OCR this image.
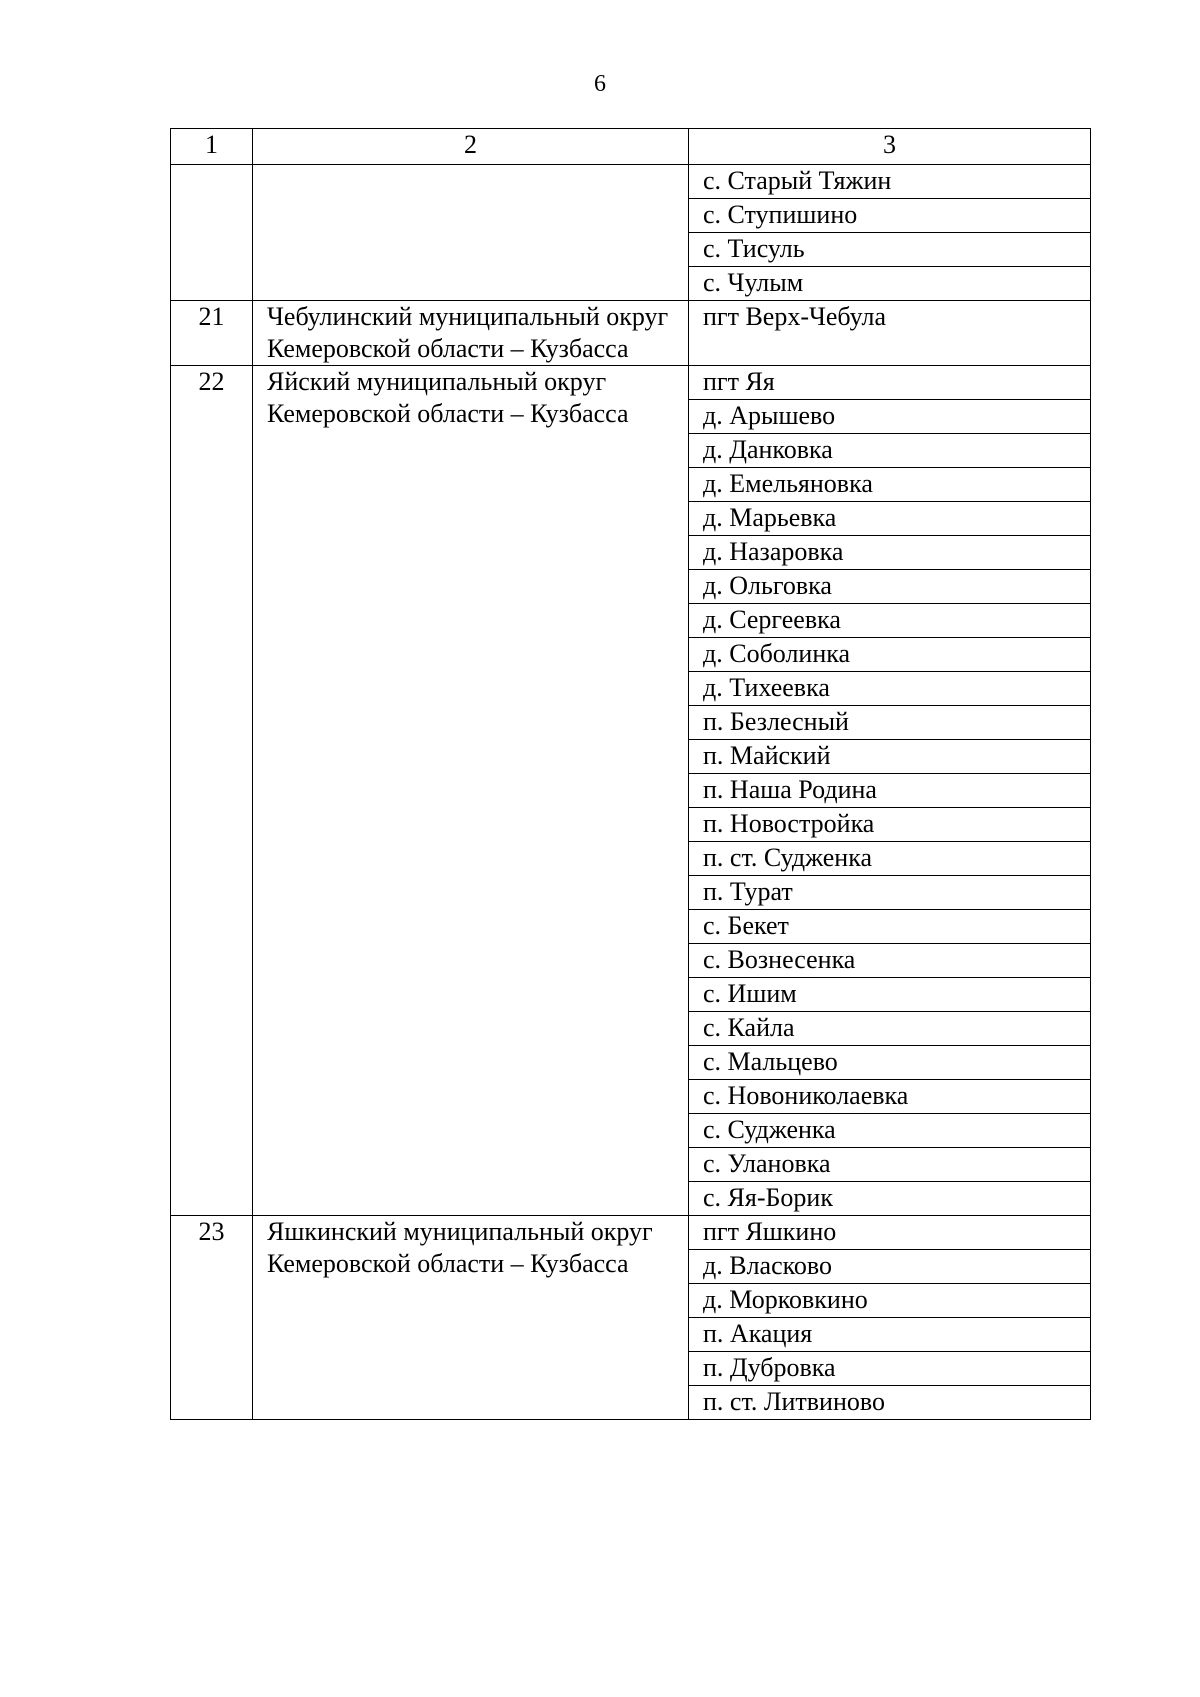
6
1	2	3
		с. Старый Тяжин
		с. Ступишино
		с. Тисуль
		с. Чулым
21	Чебулинский муниципальный округ Кемеровской области – Кузбасса	пгт Верх-Чебула
22	Яйский муниципальный округ Кемеровской области – Кузбасса	пгт Яя
		д. Арышево
		д. Данковка
		д. Емельяновка
		д. Марьевка
		д. Назаровка
		д. Ольговка
		д. Сергеевка
		д. Соболинка
		д. Тихеевка
		п. Безлесный
		п. Майский
		п. Наша Родина
		п. Новостройка
		п. ст. Судженка
		п. Турат
		с. Бекет
		с. Вознесенка
		с. Ишим
		с. Кайла
		с. Мальцево
		с. Новониколаевка
		с. Судженка
		с. Улановка
		с. Яя-Борик
23	Яшкинский муниципальный округ Кемеровской области – Кузбасса	пгт Яшкино
		д. Власково
		д. Морковкино
		п. Акация
		п. Дубровка
		п. ст. Литвиново
